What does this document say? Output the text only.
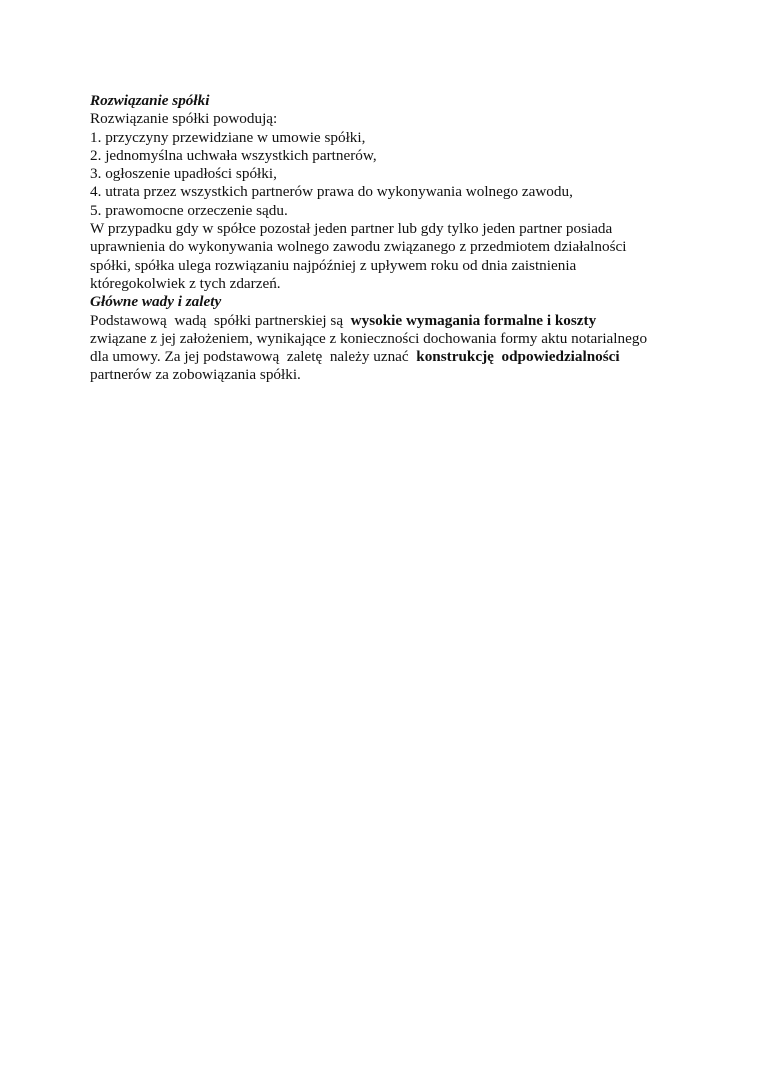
Rozwiązanie spółki
Rozwiązanie spółki powodują:
1. przyczyny przewidziane w umowie spółki,
2. jednomyślna uchwała wszystkich partnerów,
3. ogłoszenie upadłości spółki,
4. utrata przez wszystkich partnerów prawa do wykonywania wolnego zawodu,
5. prawomocne orzeczenie sądu.
W przypadku gdy w spółce pozostał jeden partner lub gdy tylko jeden partner posiada
uprawnienia do wykonywania wolnego zawodu związanego z przedmiotem działalności
spółki, spółka ulega rozwiązaniu najpóźniej z upływem roku od dnia zaistnienia
któregokolwiek z tych zdarzeń.
Główne wady i zalety
Podstawową  wadą  spółki partnerskiej są  wysokie wymagania formalne i koszty
związane z jej założeniem, wynikające z konieczności dochowania formy aktu notarialnego
dla umowy. Za jej podstawową  zaletę  należy uznać  konstrukcję  odpowiedzialności
partnerów za zobowiązania spółki.
